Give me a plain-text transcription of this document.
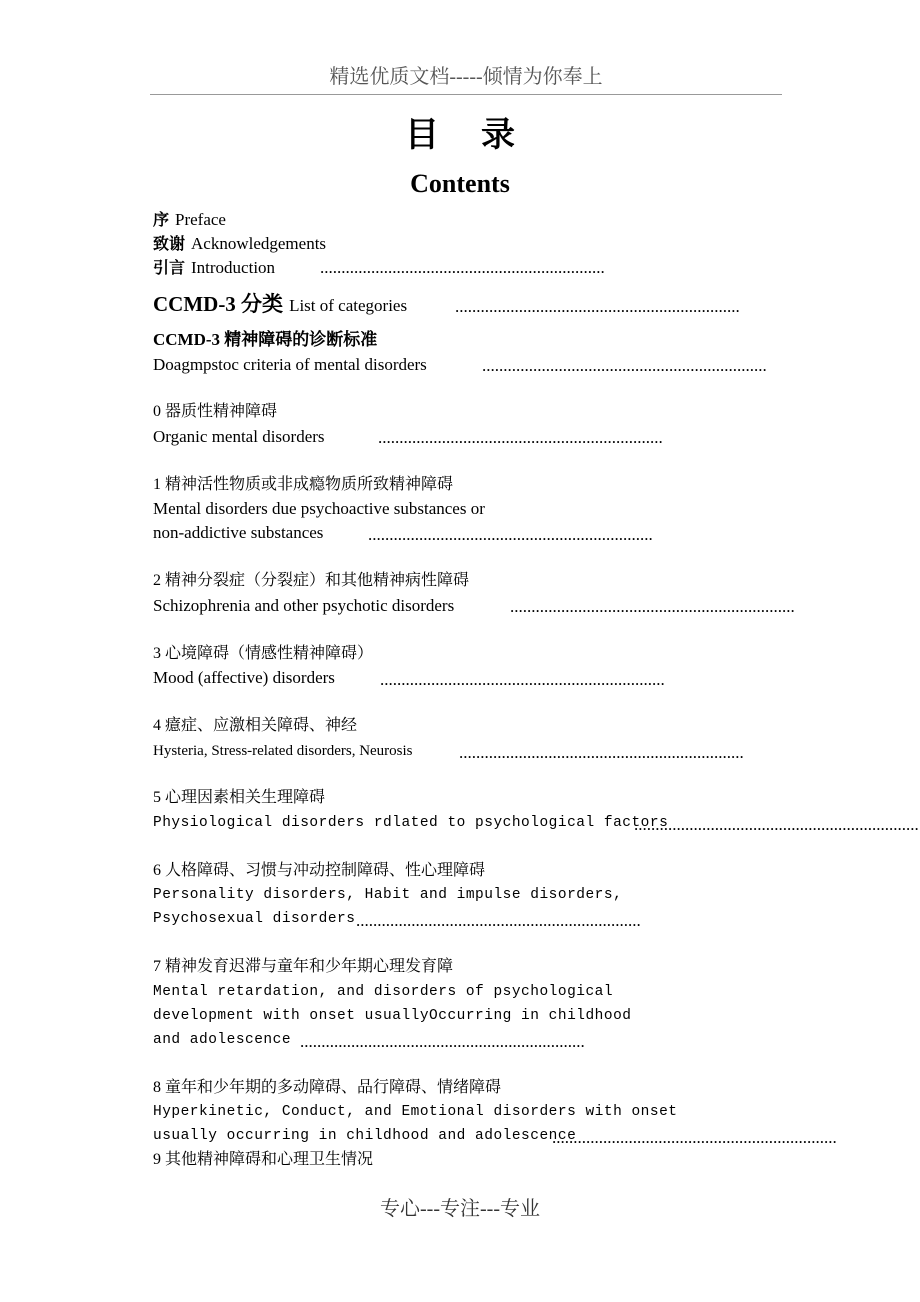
精选优质文档-----倾情为你奉上
目录
Contents
序 Preface
致谢 Acknowledgements
引言 Introduction	...................................................................
CCMD-3 分类 List of categories	...................................................................
CCMD-3 精神障碍的诊断标准
Doagmpstoc criteria of mental disorders	...................................................................
0 器质性精神障碍
Organic mental disorders	...................................................................
1 精神活性物质或非成瘾物质所致精神障碍
Mental disorders due psychoactive substances or
non-addictive substances	...................................................................
2 精神分裂症（分裂症）和其他精神病性障碍
Schizophrenia and other psychotic disorders	...................................................................
3 心境障碍（情感性精神障碍）
Mood (affective) disorders	...................................................................
4 癔症、应激相关障碍、神经
Hysteria, Stress-related disorders, Neurosis	...................................................................
5 心理因素相关生理障碍
Physiological disorders rdlated to psychological factors
...................................................................
6 人格障碍、习惯与冲动控制障碍、性心理障碍
Personality disorders, Habit and impulse disorders,
Psychosexual disorders ...................................................................
7 精神发育迟滞与童年和少年期心理发育障
Mental retardation, and disorders of psychological
development with onset usuallyOccurring in childhood
and adolescence ...................................................................
8 童年和少年期的多动障碍、品行障碍、情绪障碍
Hyperkinetic, Conduct, and Emotional disorders with onset
usually occurring in childhood and adolescence
...................................................................
9 其他精神障碍和心理卫生情况
专心---专注---专业
